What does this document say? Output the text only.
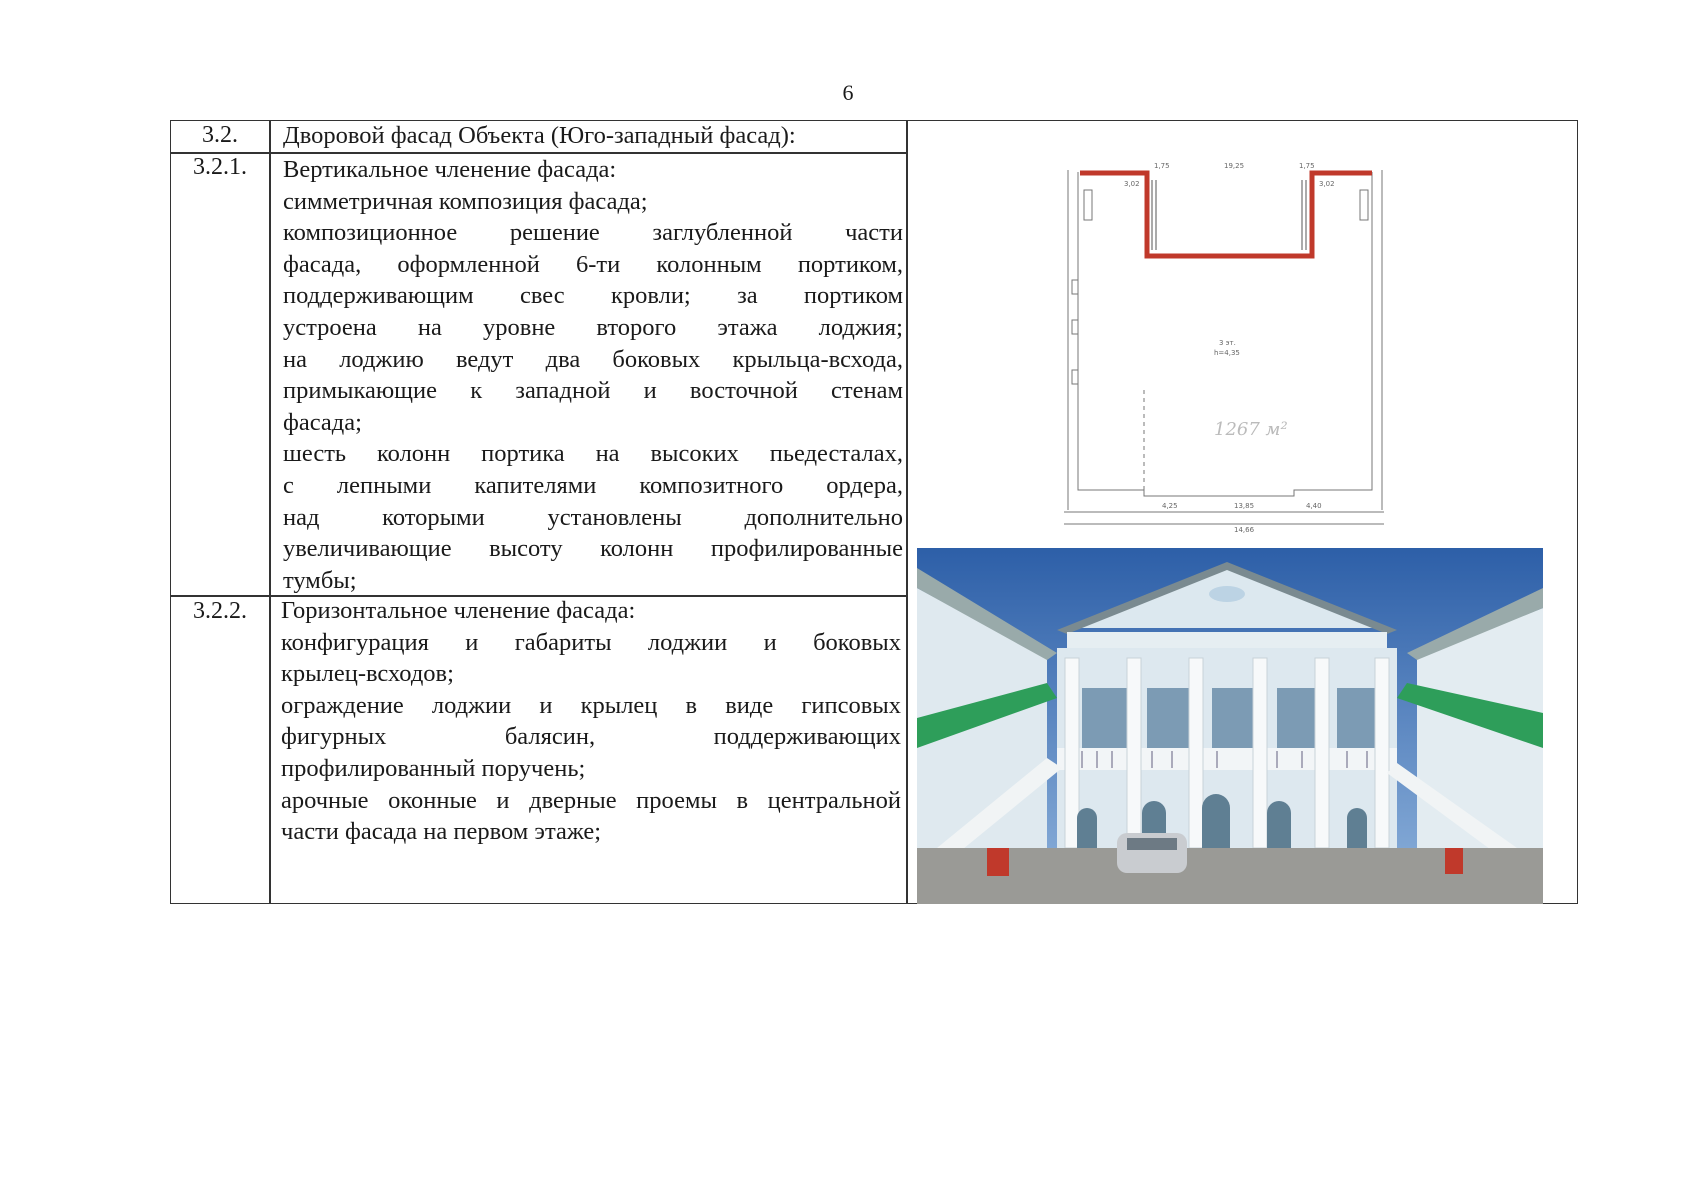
6
3.2.	Дворовой фасад Объекта (Юго-западный фасад):
3.2.1.	Вертикальное членение фасада:
симметричная композиция фасада;
композиционное решение заглубленной части
фасада, оформленной 6-ти колонным портиком,
поддерживающим свес кровли; за портиком
устроена на уровне второго этажа лоджия;
на лоджию ведут два боковых крыльца-всхода,
примыкающие к западной и восточной стенам
фасада;
шесть колонн портика на высоких пьедесталах,
с лепными капителями композитного ордера,
над которыми установлены дополнительно
увеличивающие высоту колонн профилированные
тумбы;
3.2.2.	Горизонтальное членение фасада:
конфигурация и габариты лоджии и боковых
крылец-всходов;
ограждение лоджии и крылец в виде гипсовых
фигурных балясин, поддерживающих
профилированный поручень;
арочные оконные и дверные проемы в центральной
части фасада на первом этаже;
1,75	19,25	1,75
3,02	3,02
3 эт.
h=4,35
13,85
14,66
4,25	4,40
1267 м²
